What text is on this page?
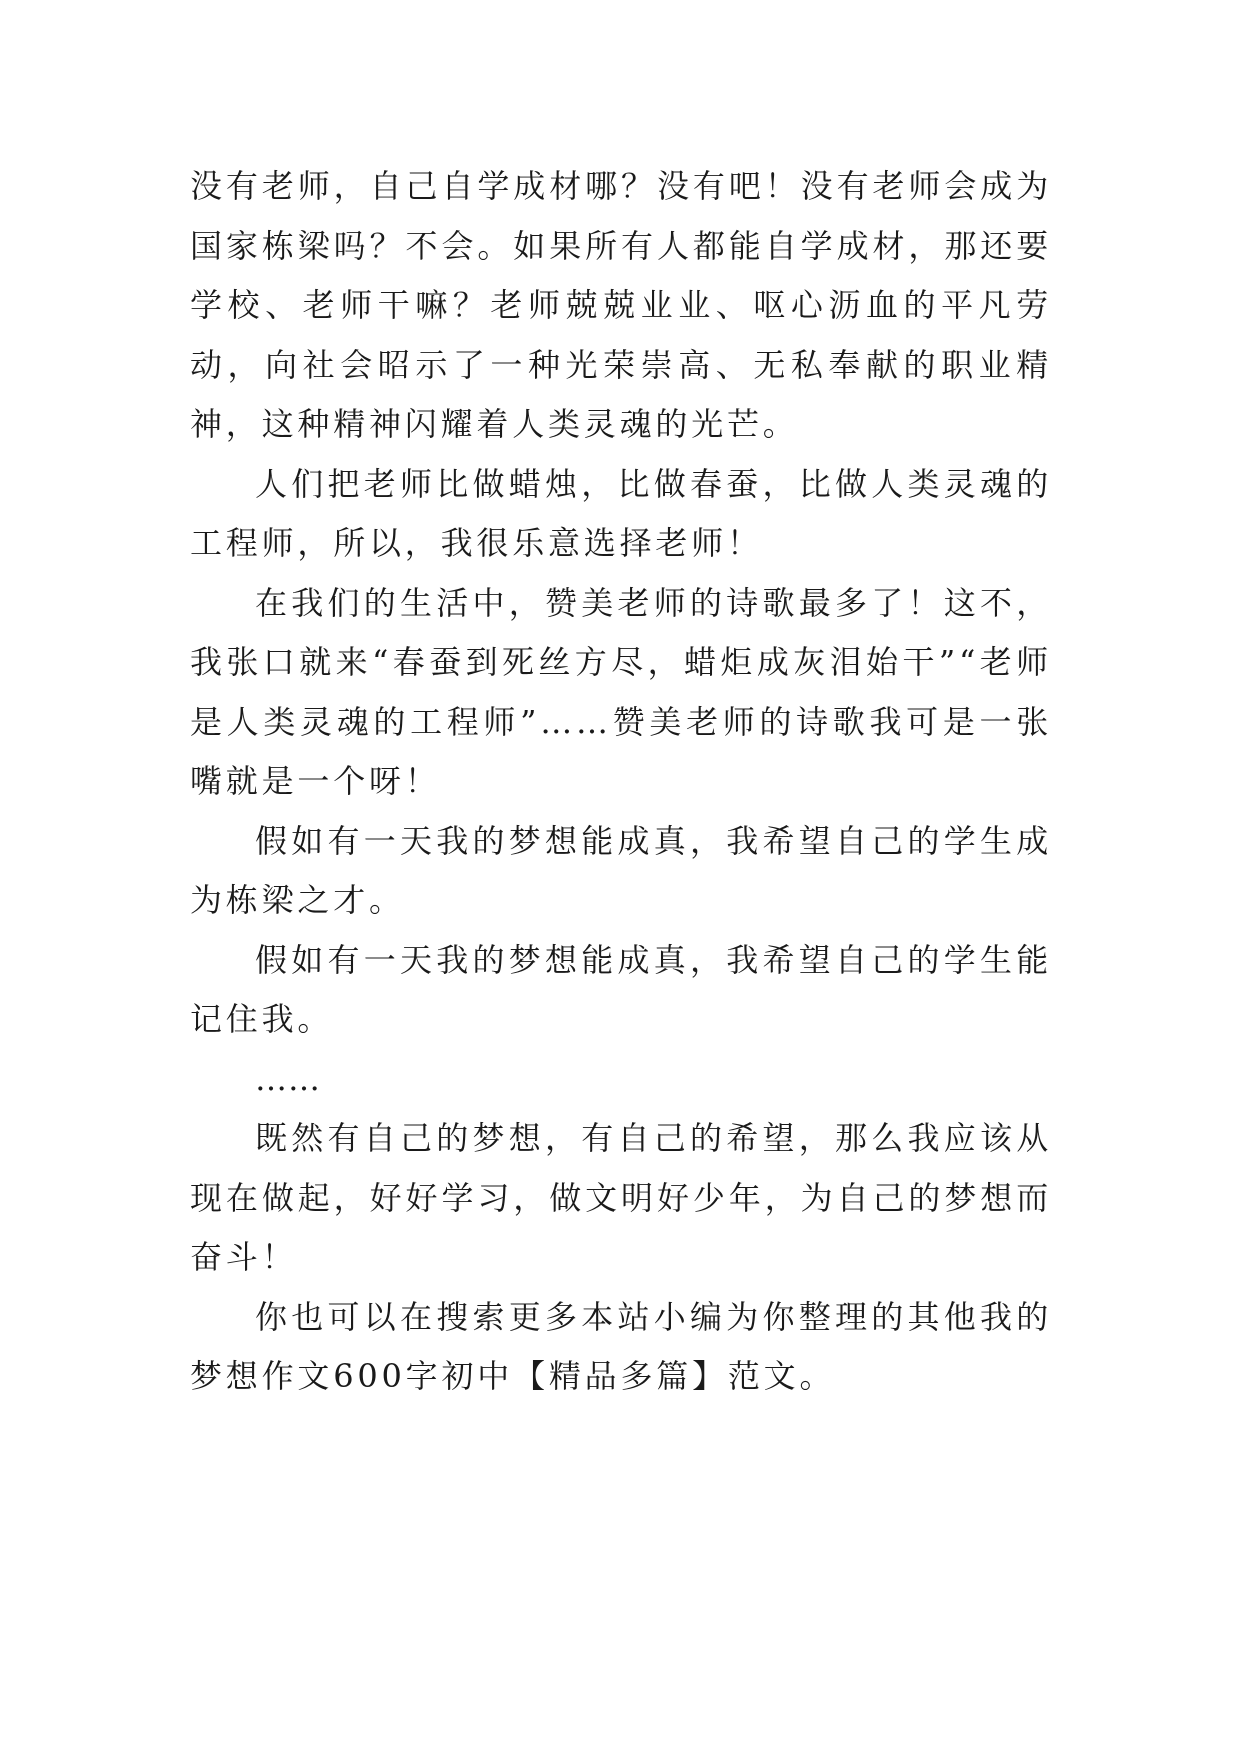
没有老师，自己自学成材哪？没有吧！没有老师会成为国家栋梁吗？不会。如果所有人都能自学成材，那还要学校、老师干嘛？老师兢兢业业、呕心沥血的平凡劳动，向社会昭示了一种光荣崇高、无私奉献的职业精神，这种精神闪耀着人类灵魂的光芒。

人们把老师比做蜡烛，比做春蚕，比做人类灵魂的工程师，所以，我很乐意选择老师！

在我们的生活中，赞美老师的诗歌最多了！这不，我张口就来“春蚕到死丝方尽，蜡炬成灰泪始干”“老师是人类灵魂的工程师”……赞美老师的诗歌我可是一张嘴就是一个呀！

假如有一天我的梦想能成真，我希望自己的学生成为栋梁之才。

假如有一天我的梦想能成真，我希望自己的学生能记住我。

……

既然有自己的梦想，有自己的希望，那么我应该从现在做起，好好学习，做文明好少年，为自己的梦想而奋斗！

你也可以在搜索更多本站小编为你整理的其他我的梦想作文600字初中【精品多篇】范文。
